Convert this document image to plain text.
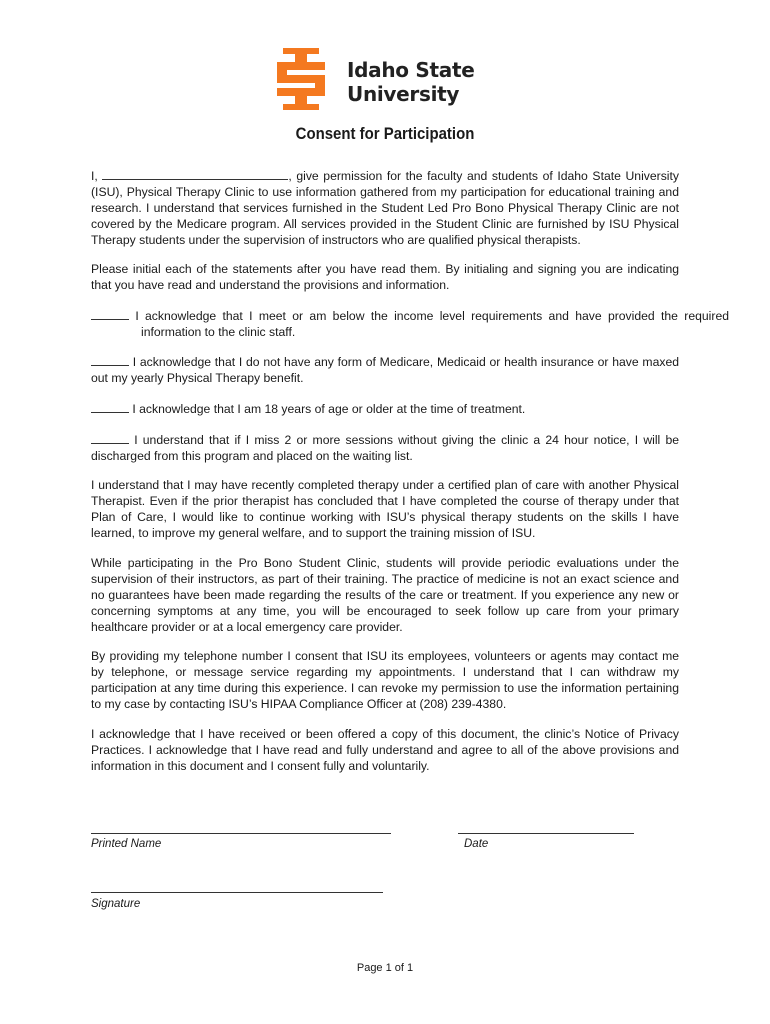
Idaho State
University
Consent for Participation
I,	, give permission for the faculty and students of Idaho State University (ISU), Physical Therapy Clinic to use information gathered from my participation for educational training and research. I understand that services furnished in the Student Led Pro Bono Physical Therapy Clinic are not covered by the Medicare program. All services provided in the Student Clinic are furnished by ISU Physical Therapy students under the supervision of instructors who are qualified physical therapists.
Please initial each of the statements after you have read them. By initialing and signing you are indicating that you have read and understand the provisions and information.
I acknowledge that I meet or am below the income level requirements and have provided the required information to the clinic staff.
I acknowledge that I do not have any form of Medicare, Medicaid or health insurance or have maxed out my yearly Physical Therapy benefit.
I acknowledge that I am 18 years of age or older at the time of treatment.
I understand that if I miss 2 or more sessions without giving the clinic a 24 hour notice, I will be discharged from this program and placed on the waiting list.
I understand that I may have recently completed therapy under a certified plan of care with another Physical Therapist. Even if the prior therapist has concluded that I have completed the course of therapy under that Plan of Care, I would like to continue working with ISU’s physical therapy students on the skills I have learned, to improve my general welfare, and to support the training mission of ISU.
While participating in the Pro Bono Student Clinic, students will provide periodic evaluations under the supervision of their instructors, as part of their training. The practice of medicine is not an exact science and no guarantees have been made regarding the results of the care or treatment. If you experience any new or concerning symptoms at any time, you will be encouraged to seek follow up care from your primary healthcare provider or at a local emergency care provider.
By providing my telephone number I consent that ISU its employees, volunteers or agents may contact me by telephone, or message service regarding my appointments. I understand that I can withdraw my participation at any time during this experience. I can revoke my permission to use the information pertaining to my case by contacting ISU’s HIPAA Compliance Officer at (208) 239-4380.
I acknowledge that I have received or been offered a copy of this document, the clinic’s Notice of Privacy Practices. I acknowledge that I have read and fully understand and agree to all of the above provisions and information in this document and I consent fully and voluntarily.
Printed Name	Date
Signature
Page 1 of 1
